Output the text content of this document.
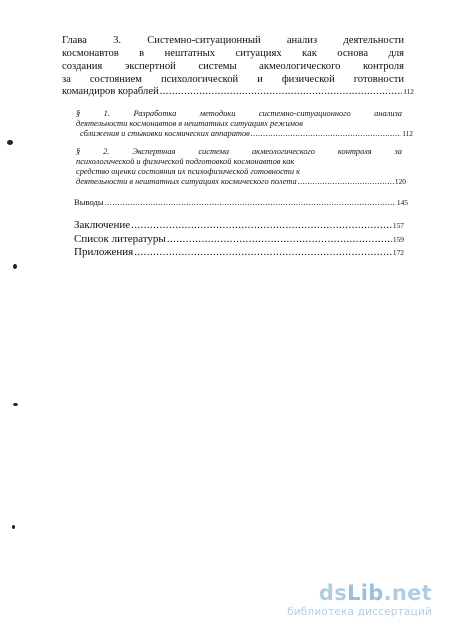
Глава 3. Системно-ситуационный анализ деятельности
космонавтов в нештатных ситуациях как основа для
создания экспертной системы акмеологического контроля
за состоянием психологической и физической готовности
командиров кораблей .....	112
§ 1. Разработка методики системно-ситуационного анализа
деятельности космонавтов в нештатных ситуациях режимов
сближения и стыковки космических аппаратов .....	112
§ 2. Экспертная система акмеологического контроля за
психологической и физической подготовкой космонавтов как
средство оценки состояния их психофизической готовности к
деятельности в нештатных ситуациях космического полета .....	120
Выводы .....	145
Заключение .....	157
Список литературы .....	159
Приложения .....	172
dsLib.net
библиотека диссертаций
